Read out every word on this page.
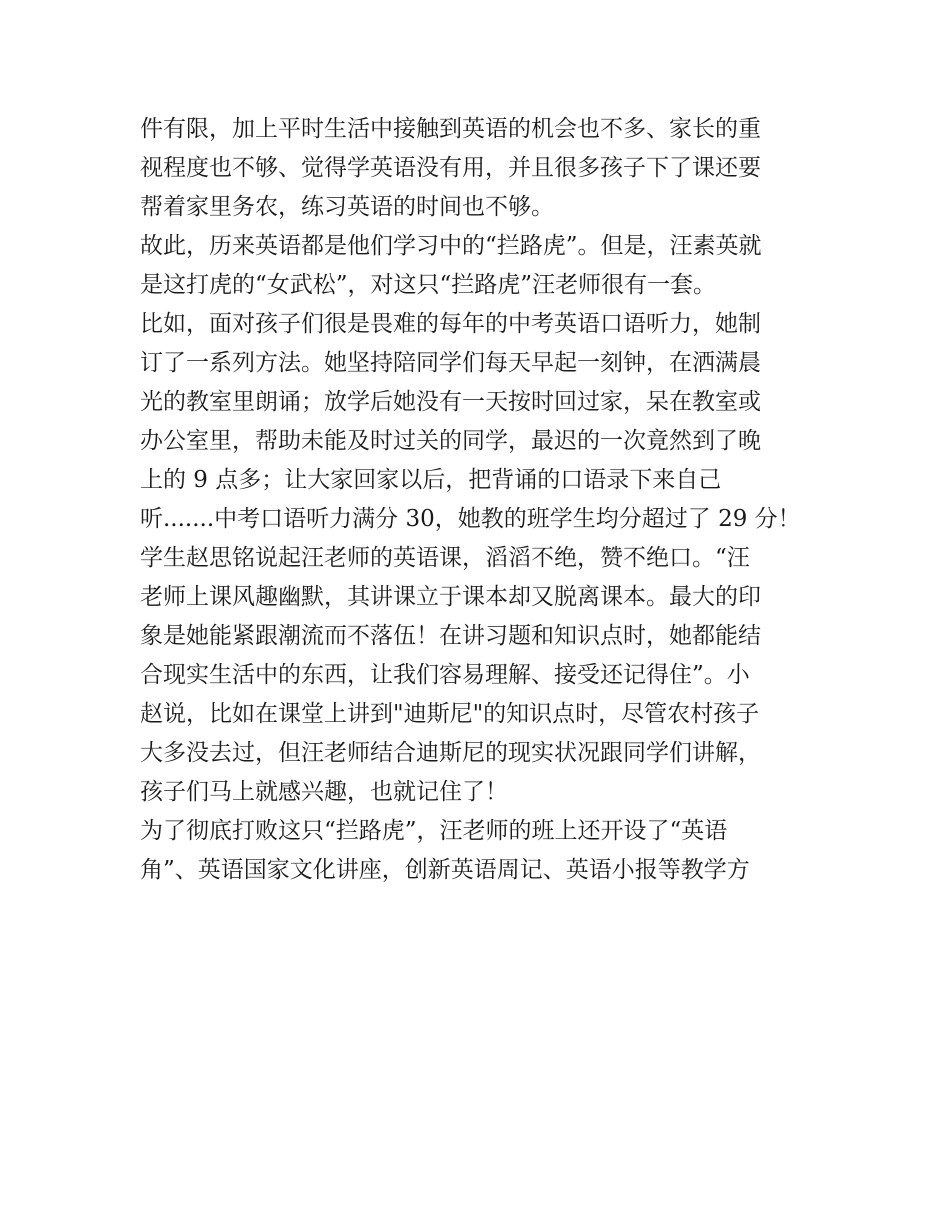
件有限，加上平时生活中接触到英语的机会也不多、家长的重
视程度也不够、觉得学英语没有用，并且很多孩子下了课还要
帮着家里务农，练习英语的时间也不够。
故此，历来英语都是他们学习中的“拦路虎”。但是，汪素英就
是这打虎的“女武松”，对这只“拦路虎”汪老师很有一套。
比如，面对孩子们很是畏难的每年的中考英语口语听力，她制
订了一系列方法。她坚持陪同学们每天早起一刻钟，在洒满晨
光的教室里朗诵；放学后她没有一天按时回过家，呆在教室或
办公室里，帮助未能及时过关的同学，最迟的一次竟然到了晚
上的 9 点多；让大家回家以后，把背诵的口语录下来自己
听.......中考口语听力满分 30，她教的班学生均分超过了 29 分！
学生赵思铭说起汪老师的英语课，滔滔不绝，赞不绝口。“汪
老师上课风趣幽默，其讲课立于课本却又脱离课本。最大的印
象是她能紧跟潮流而不落伍！在讲习题和知识点时，她都能结
合现实生活中的东西，让我们容易理解、接受还记得住”。小
赵说，比如在课堂上讲到"迪斯尼"的知识点时，尽管农村孩子
大多没去过，但汪老师结合迪斯尼的现实状况跟同学们讲解，
孩子们马上就感兴趣，也就记住了！
为了彻底打败这只“拦路虎”，汪老师的班上还开设了“英语
角”、英语国家文化讲座，创新英语周记、英语小报等教学方
